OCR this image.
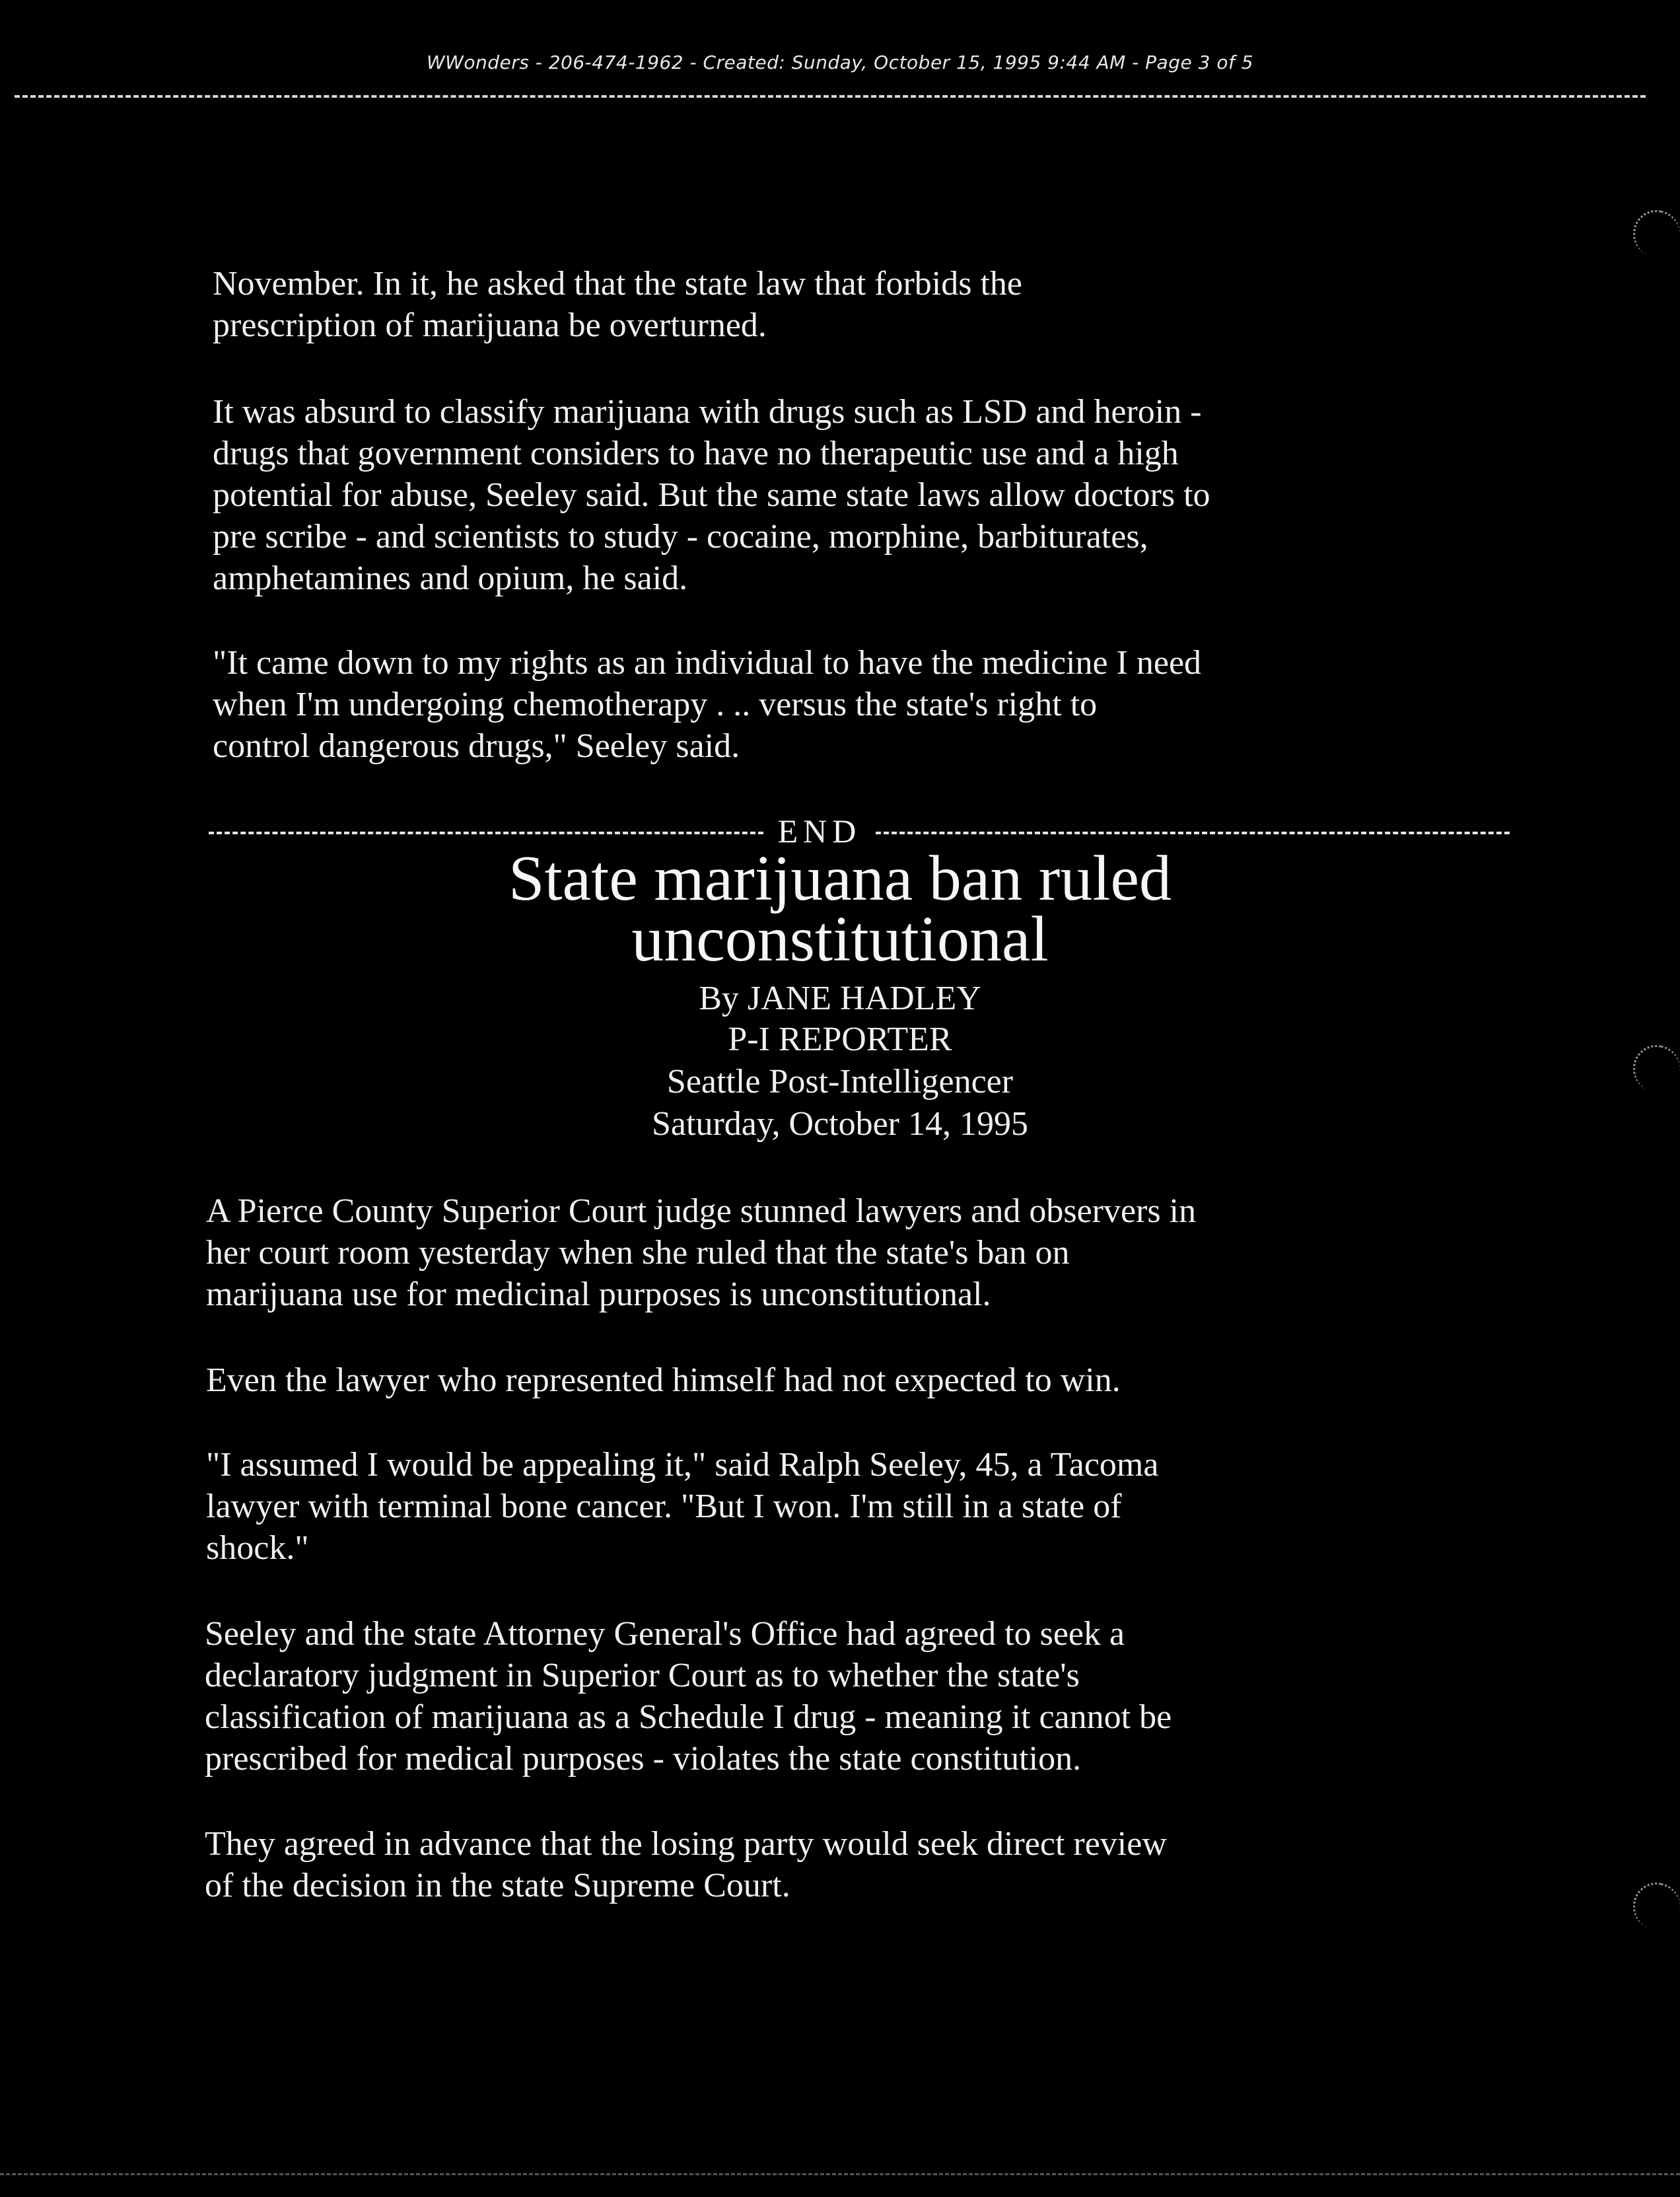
WWonders - 206-474-1962 - Created: Sunday, October 15, 1995 9:44 AM - Page 3 of 5

November. In it, he asked that the state law that forbids the
prescription of marijuana be overturned.

It was absurd to classify marijuana with drugs such as LSD and heroin -
drugs that government considers to have no therapeutic use and a high
potential for abuse, Seeley said. But the same state laws allow doctors to
pre scribe - and scientists to study - cocaine, morphine, barbiturates,
amphetamines and opium, he said.

"It came down to my rights as an individual to have the medicine I need
when I'm undergoing chemotherapy . .. versus the state's right to
control dangerous drugs," Seeley said.

END
State marijuana ban ruled
unconstitutional
By JANE HADLEY
P-I REPORTER
Seattle Post-Intelligencer
Saturday, October 14, 1995

A Pierce County Superior Court judge stunned lawyers and observers in
her court room yesterday when she ruled that the state's ban on
marijuana use for medicinal purposes is unconstitutional.

Even the lawyer who represented himself had not expected to win.

"I assumed I would be appealing it," said Ralph Seeley, 45, a Tacoma
lawyer with terminal bone cancer. "But I won. I'm still in a state of
shock."

Seeley and the state Attorney General's Office had agreed to seek a
declaratory judgment in Superior Court as to whether the state's
classification of marijuana as a Schedule I drug - meaning it cannot be
prescribed for medical purposes - violates the state constitution.

They agreed in advance that the losing party would seek direct review
of the decision in the state Supreme Court.
